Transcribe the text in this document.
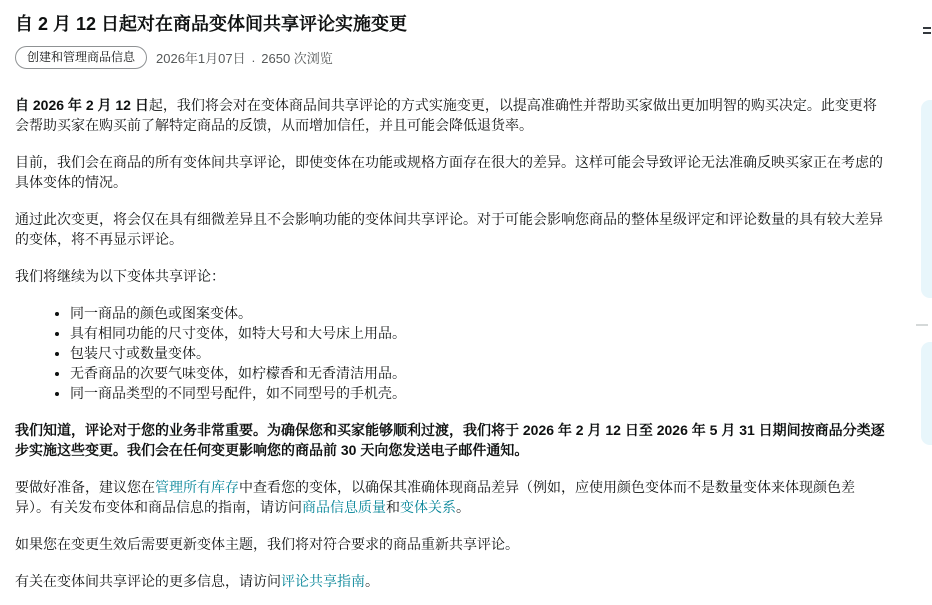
自 2 月 12 日起对在商品变体间共享评论实施变更
创建和管理商品信息	2026年1月07日 . 2650 次浏览

自 2026 年 2 月 12 日起，我们将会对在变体商品间共享评论的方式实施变更，以提高准确性并帮助买家做出更加明智的购买决定。此变更将会帮助买家在购买前了解特定商品的反馈，从而增加信任，并且可能会降低退货率。

目前，我们会在商品的所有变体间共享评论，即使变体在功能或规格方面存在很大的差异。这样可能会导致评论无法准确反映买家正在考虑的具体变体的情况。

通过此次变更，将会仅在具有细微差异且不会影响功能的变体间共享评论。对于可能会影响您商品的整体星级评定和评论数量的具有较大差异的变体，将不再显示评论。

我们将继续为以下变体共享评论：

• 同一商品的颜色或图案变体。
• 具有相同功能的尺寸变体，如特大号和大号床上用品。
• 包装尺寸或数量变体。
• 无香商品的次要气味变体，如柠檬香和无香清洁用品。
• 同一商品类型的不同型号配件，如不同型号的手机壳。

我们知道，评论对于您的业务非常重要。为确保您和买家能够顺利过渡，我们将于 2026 年 2 月 12 日至 2026 年 5 月 31 日期间按商品分类逐步实施这些变更。我们会在任何变更影响您的商品前 30 天向您发送电子邮件通知。

要做好准备，建议您在管理所有库存中查看您的变体，以确保其准确体现商品差异（例如，应使用颜色变体而不是数量变体来体现颜色差异）。有关发布变体和商品信息的指南，请访问商品信息质量和变体关系。

如果您在变更生效后需要更新变体主题，我们将对符合要求的商品重新共享评论。

有关在变体间共享评论的更多信息，请访问评论共享指南。
